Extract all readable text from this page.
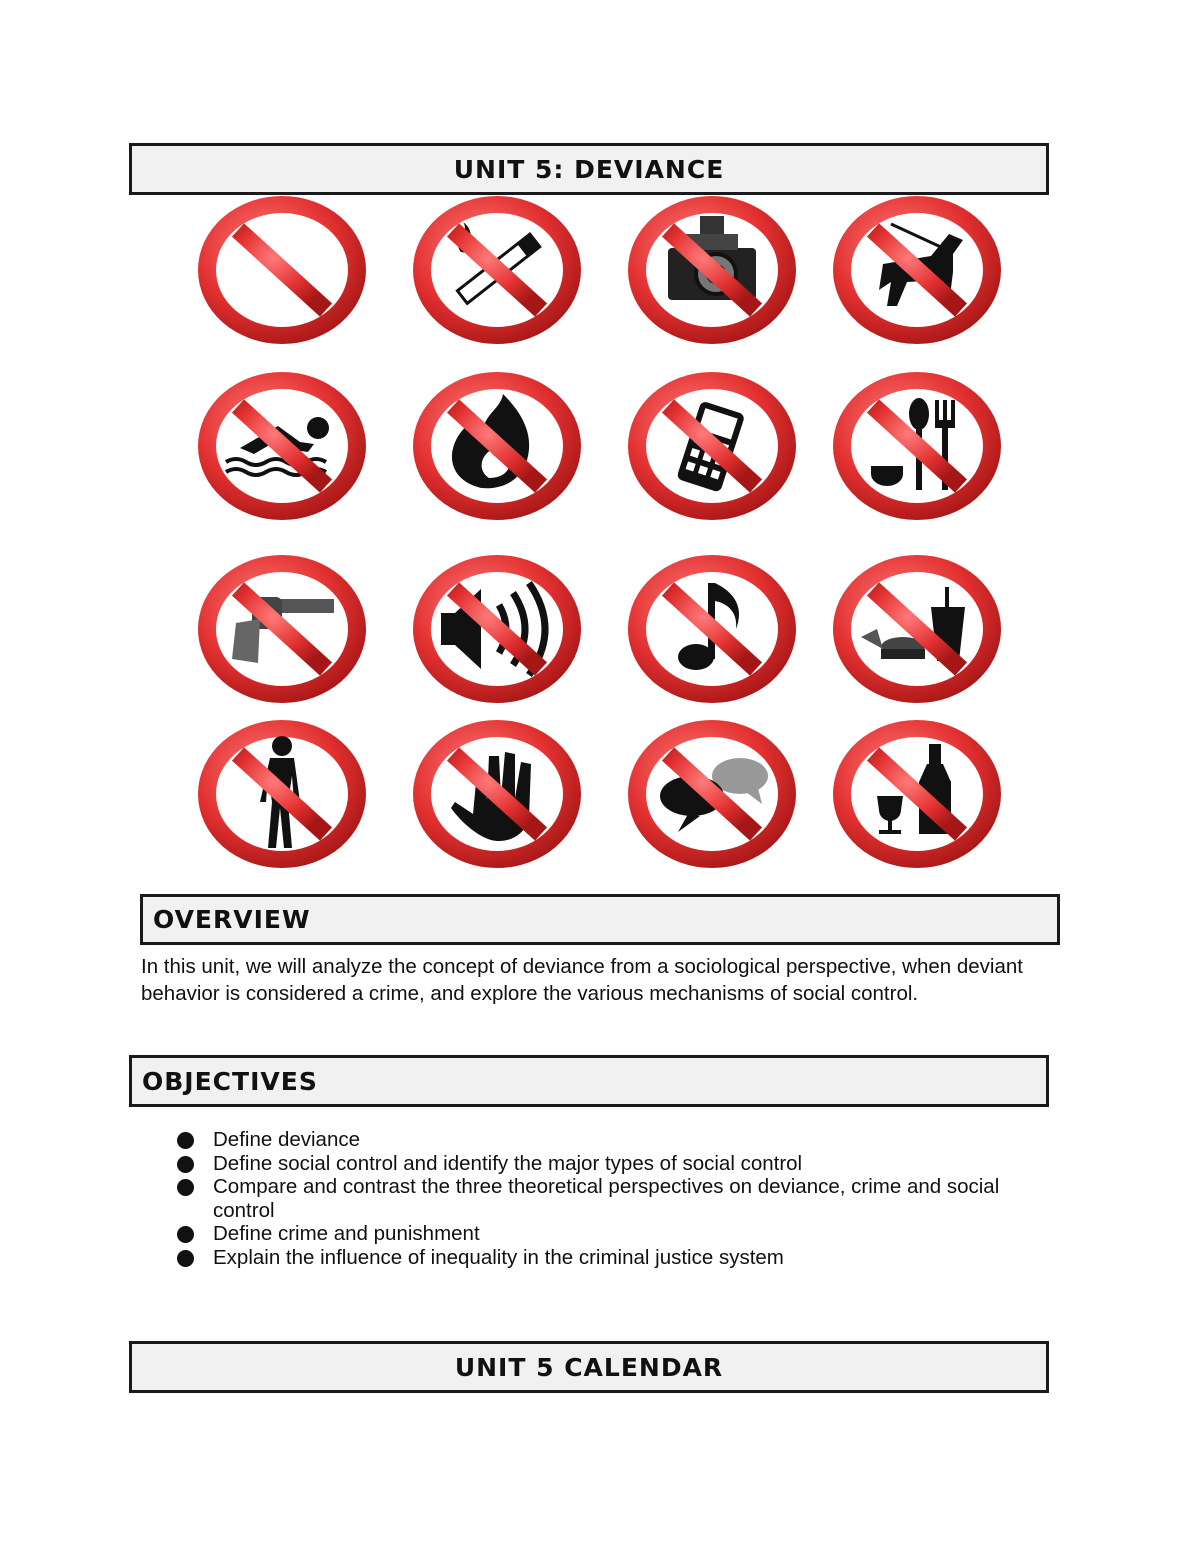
UNIT 5: DEVIANCE
OVERVIEW

In this unit, we will analyze the concept of deviance from a sociological perspective, when deviant behavior is considered a crime, and explore the various mechanisms of social control.

OBJECTIVES
Define deviance
Define social control and identify the major types of social control
Compare and contrast the three theoretical perspectives on deviance, crime and social control
Define crime and punishment
Explain the influence of inequality in the criminal justice system
UNIT 5 CALENDAR
